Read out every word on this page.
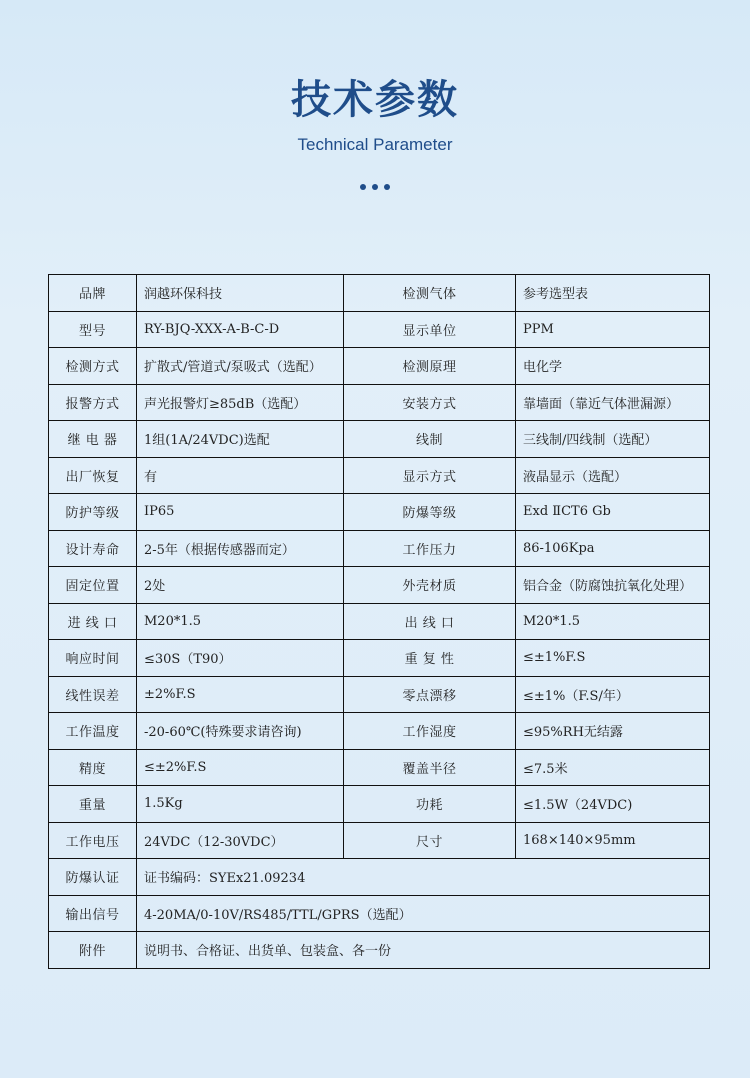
技术参数
Technical Parameter
品牌	润越环保科技	检测气体	参考选型表
型号	RY-BJQ-XXX-A-B-C-D	显示单位	PPM
检测方式	扩散式/管道式/泵吸式（选配）	检测原理	电化学
报警方式	声光报警灯≥85dB（选配）	安装方式	靠墙面（靠近气体泄漏源）
继 电 器	1组(1A/24VDC)选配	线制	三线制/四线制（选配）
出厂恢复	有	显示方式	液晶显示（选配）
防护等级	IP65	防爆等级	Exd ⅡCT6 Gb
设计寿命	2-5年（根据传感器而定）	工作压力	86-106Kpa
固定位置	2处	外壳材质	铝合金（防腐蚀抗氧化处理）
进 线 口	M20*1.5	出 线 口	M20*1.5
响应时间	≤30S（T90）	重 复 性	≤±1%F.S
线性误差	±2%F.S	零点漂移	≤±1%（F.S/年）
工作温度	-20-60℃(特殊要求请咨询)	工作湿度	≤95%RH无结露
精度	≤±2%F.S	覆盖半径	≤7.5米
重量	1.5Kg	功耗	≤1.5W（24VDC)
工作电压	24VDC（12-30VDC）	尺寸	168×140×95mm
防爆认证	证书编码：SYEx21.09234		
输出信号	4-20MA/0-10V/RS485/TTL/GPRS（选配）		
附件	说明书、合格证、出货单、包装盒、各一份		
